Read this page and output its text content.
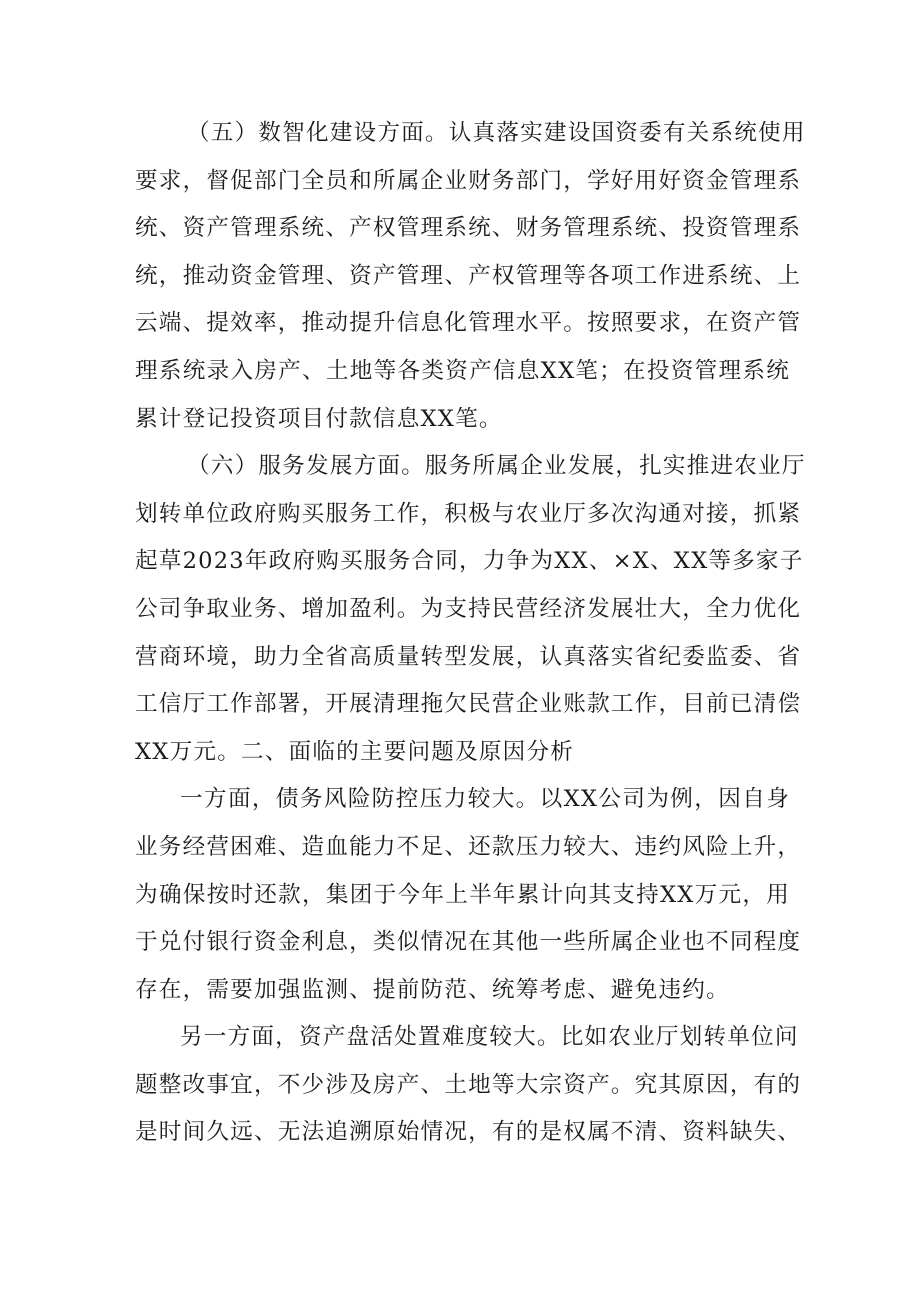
（五）数智化建设方面。认真落实建设国资委有关系统使用
要求，督促部门全员和所属企业财务部门，学好用好资金管理系
统、资产管理系统、产权管理系统、财务管理系统、投资管理系
统，推动资金管理、资产管理、产权管理等各项工作进系统、上
云端、提效率，推动提升信息化管理水平。按照要求，在资产管
理系统录入房产、土地等各类资产信息XX笔；在投资管理系统
累计登记投资项目付款信息XX笔。
（六）服务发展方面。服务所属企业发展，扎实推进农业厅
划转单位政府购买服务工作，积极与农业厅多次沟通对接，抓紧
起草2023年政府购买服务合同，力争为XX、×X、XX等多家子
公司争取业务、增加盈利。为支持民营经济发展壮大，全力优化
营商环境，助力全省高质量转型发展，认真落实省纪委监委、省
工信厅工作部署，开展清理拖欠民营企业账款工作，目前已清偿
XX万元。二、面临的主要问题及原因分析
一方面，债务风险防控压力较大。以XX公司为例，因自身
业务经营困难、造血能力不足、还款压力较大、违约风险上升，
为确保按时还款，集团于今年上半年累计向其支持XX万元，用
于兑付银行资金利息，类似情况在其他一些所属企业也不同程度
存在，需要加强监测、提前防范、统筹考虑、避免违约。
另一方面，资产盘活处置难度较大。比如农业厅划转单位问
题整改事宜，不少涉及房产、土地等大宗资产。究其原因，有的
是时间久远、无法追溯原始情况，有的是权属不清、资料缺失、
